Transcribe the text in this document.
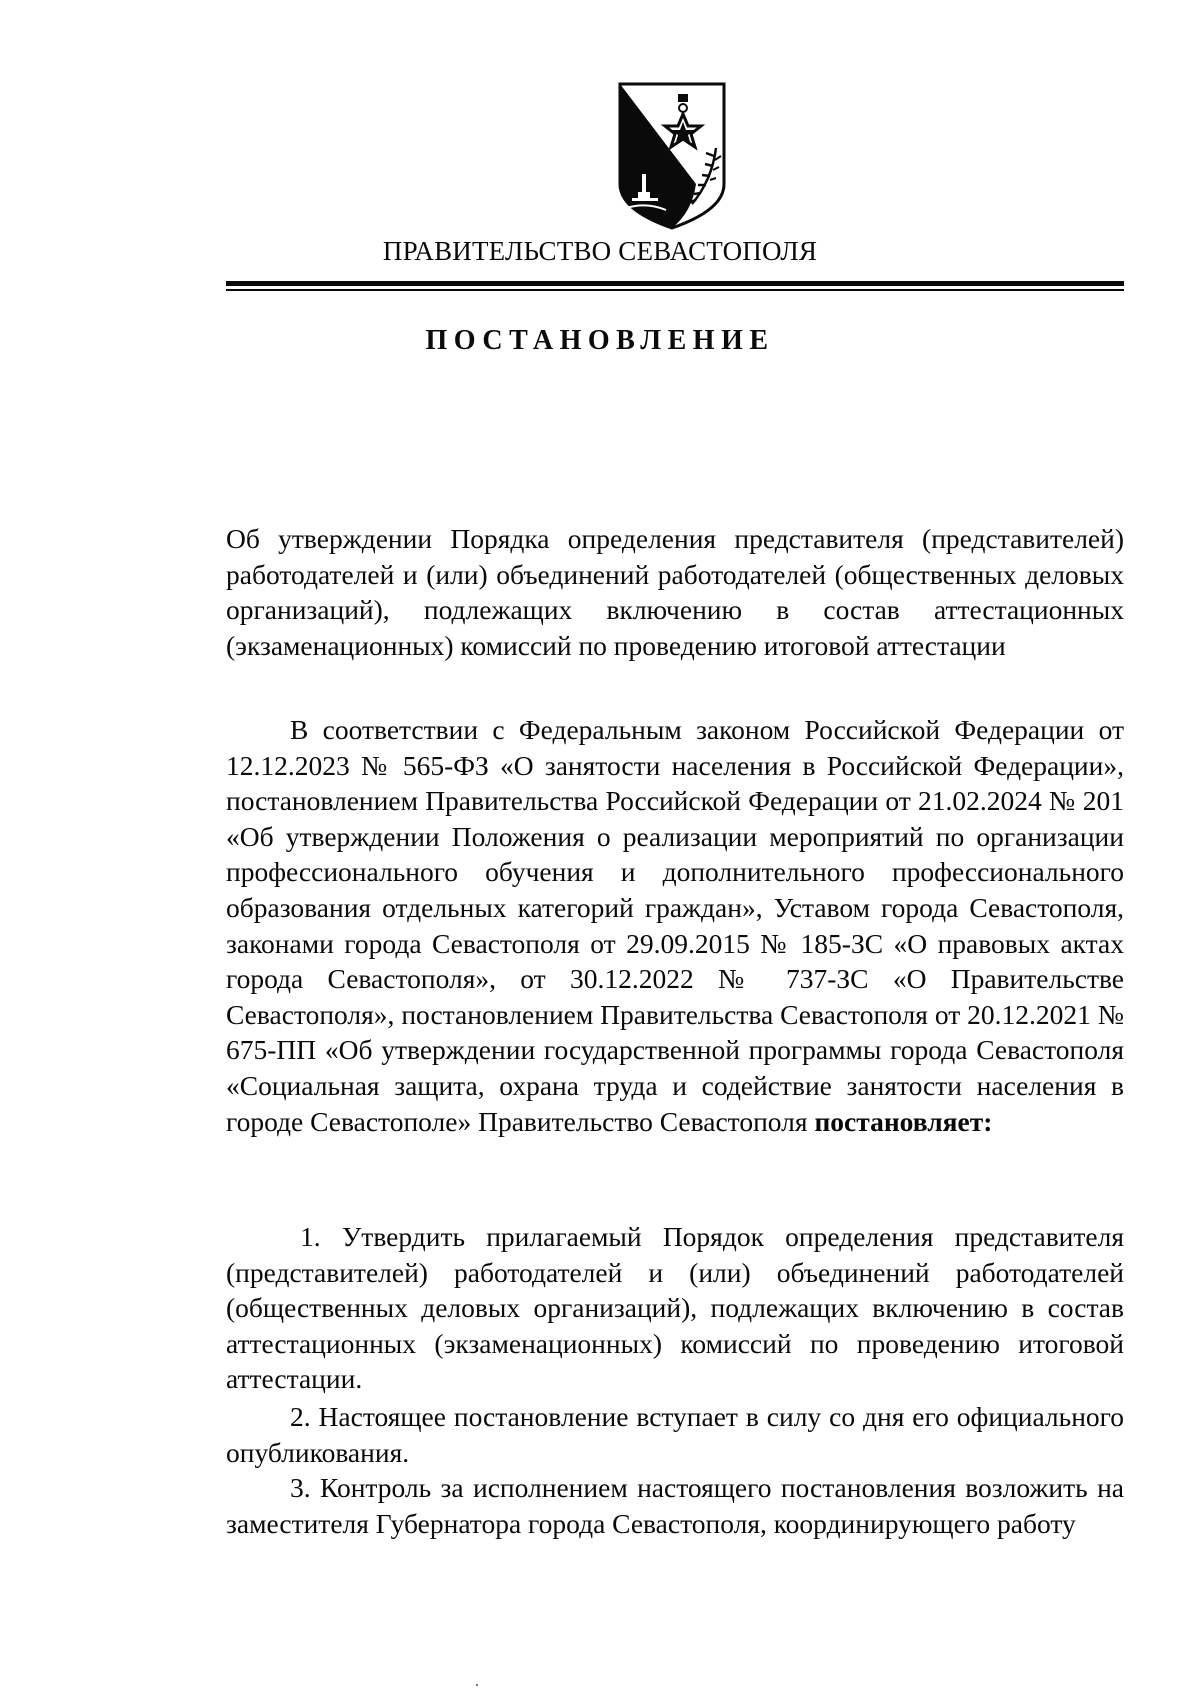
ПРАВИТЕЛЬСТВО СЕВАСТОПОЛЯ
ПОСТАНОВЛЕНИЕ
Об утверждении Порядка определения представителя (представителей) работодателей и (или) объединений работодателей (общественных деловых организаций), подлежащих включению в состав аттестационных (экзаменационных) комиссий по проведению итоговой аттестации
В соответствии с Федеральным законом Российской Федерации от 12.12.2023 № 565-ФЗ «О занятости населения в Российской Федерации», постановлением Правительства Российской Федерации от 21.02.2024 № 201 «Об утверждении Положения о реализации мероприятий по организации профессионального обучения и дополнительного профессионального образования отдельных категорий граждан», Уставом города Севастополя, законами города Севастополя от 29.09.2015 № 185-ЗС «О правовых актах города Севастополя», от 30.12.2022 № 737-ЗС «О Правительстве Севастополя», постановлением Правительства Севастополя от 20.12.2021 № 675-ПП «Об утверждении государственной программы города Севастополя «Социальная защита, охрана труда и содействие занятости населения в городе Севастополе» Правительство Севастополя постановляет:

1. Утвердить прилагаемый Порядок определения представителя (представителей) работодателей и (или) объединений работодателей (общественных деловых организаций), подлежащих включению в состав аттестационных (экзаменационных) комиссий по проведению итоговой аттестации.

2. Настоящее постановление вступает в силу со дня его официального опубликования.

3. Контроль за исполнением настоящего постановления возложить на заместителя Губернатора города Севастополя, координирующего работу
